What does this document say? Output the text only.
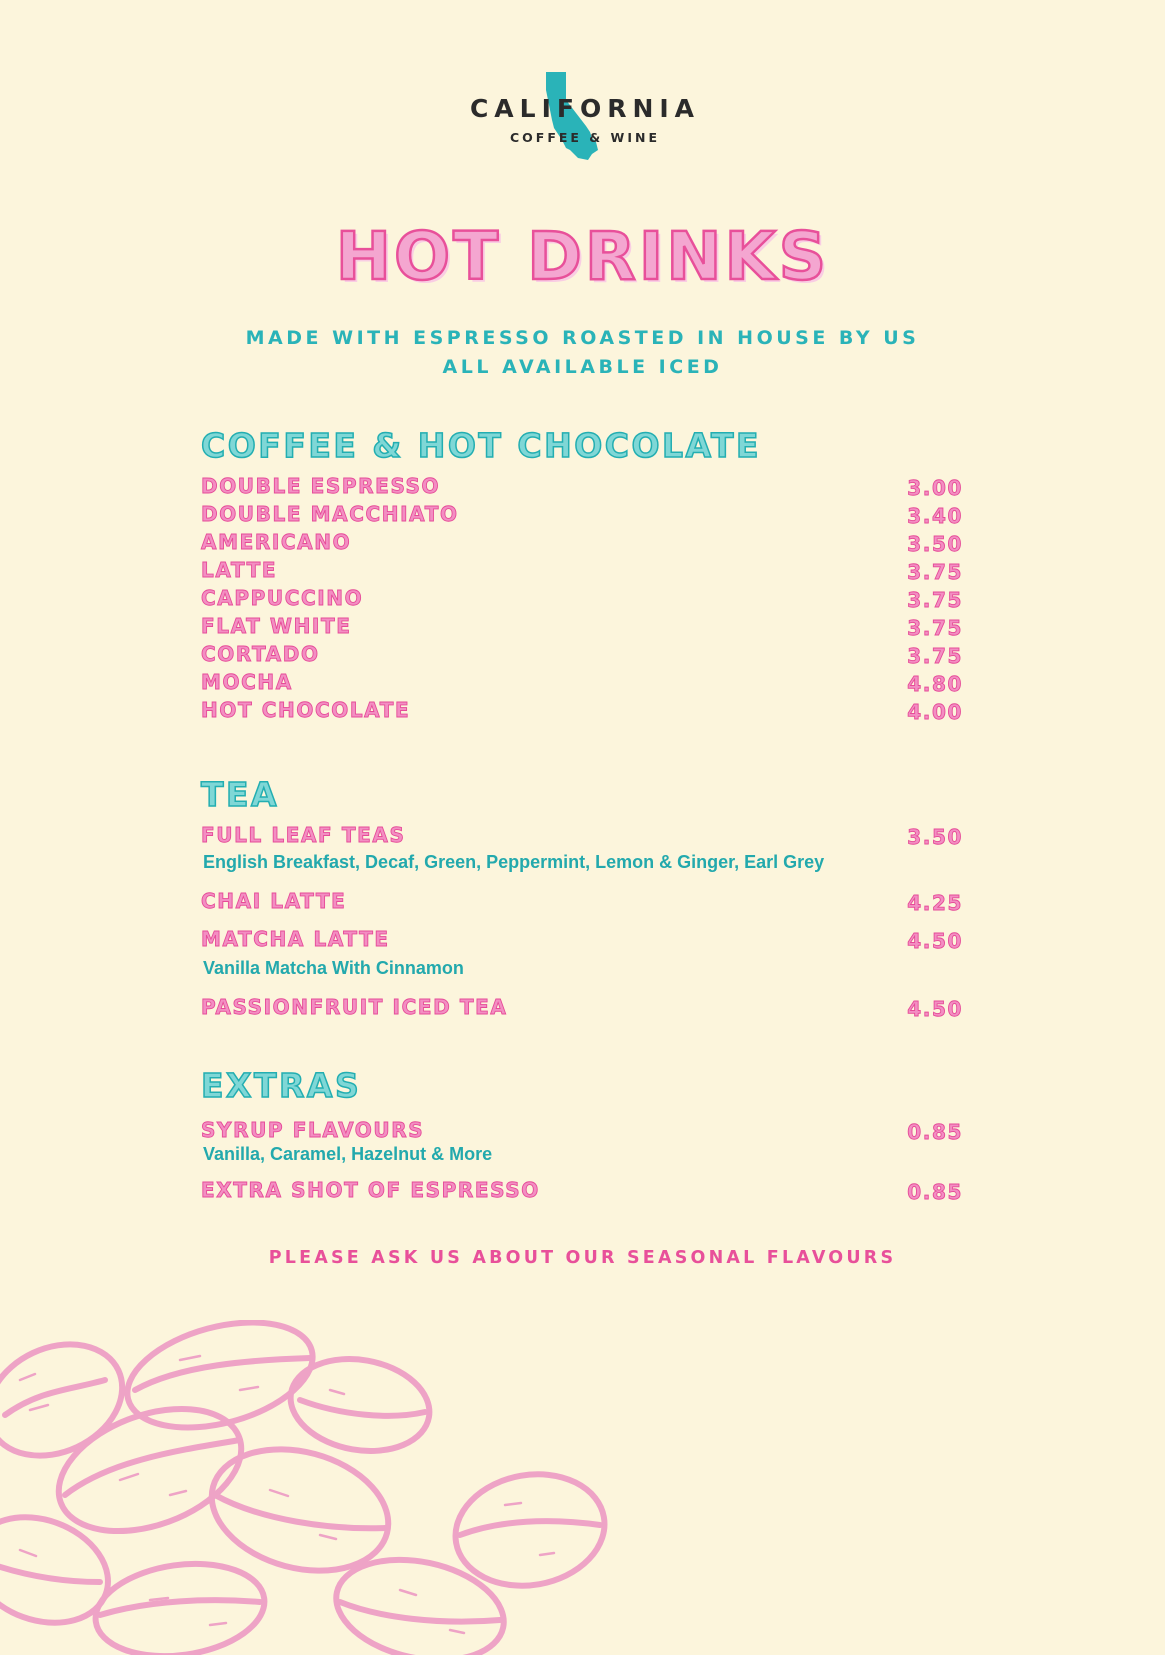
CALIFORNIA
COFFEE & WINE
HOT DRINKS

MADE WITH ESPRESSO ROASTED IN HOUSE BY US

ALL AVAILABLE ICED

COFFEE & HOT CHOCOLATE
DOUBLE ESPRESSO	3.00
DOUBLE MACCHIATO	3.40
AMERICANO	3.50
LATTE	3.75
CAPPUCCINO	3.75
FLAT WHITE	3.75
CORTADO	3.75
MOCHA	4.80
HOT CHOCOLATE	4.00
TEA
FULL LEAF TEAS	3.50
English Breakfast, Decaf, Green, Peppermint, Lemon & Ginger, Earl Grey
CHAI LATTE	4.25
MATCHA LATTE	4.50
Vanilla Matcha With Cinnamon
PASSIONFRUIT ICED TEA	4.50
EXTRAS
SYRUP FLAVOURS	0.85
Vanilla, Caramel, Hazelnut & More
EXTRA SHOT OF ESPRESSO	0.85

PLEASE ASK US ABOUT OUR SEASONAL FLAVOURS
